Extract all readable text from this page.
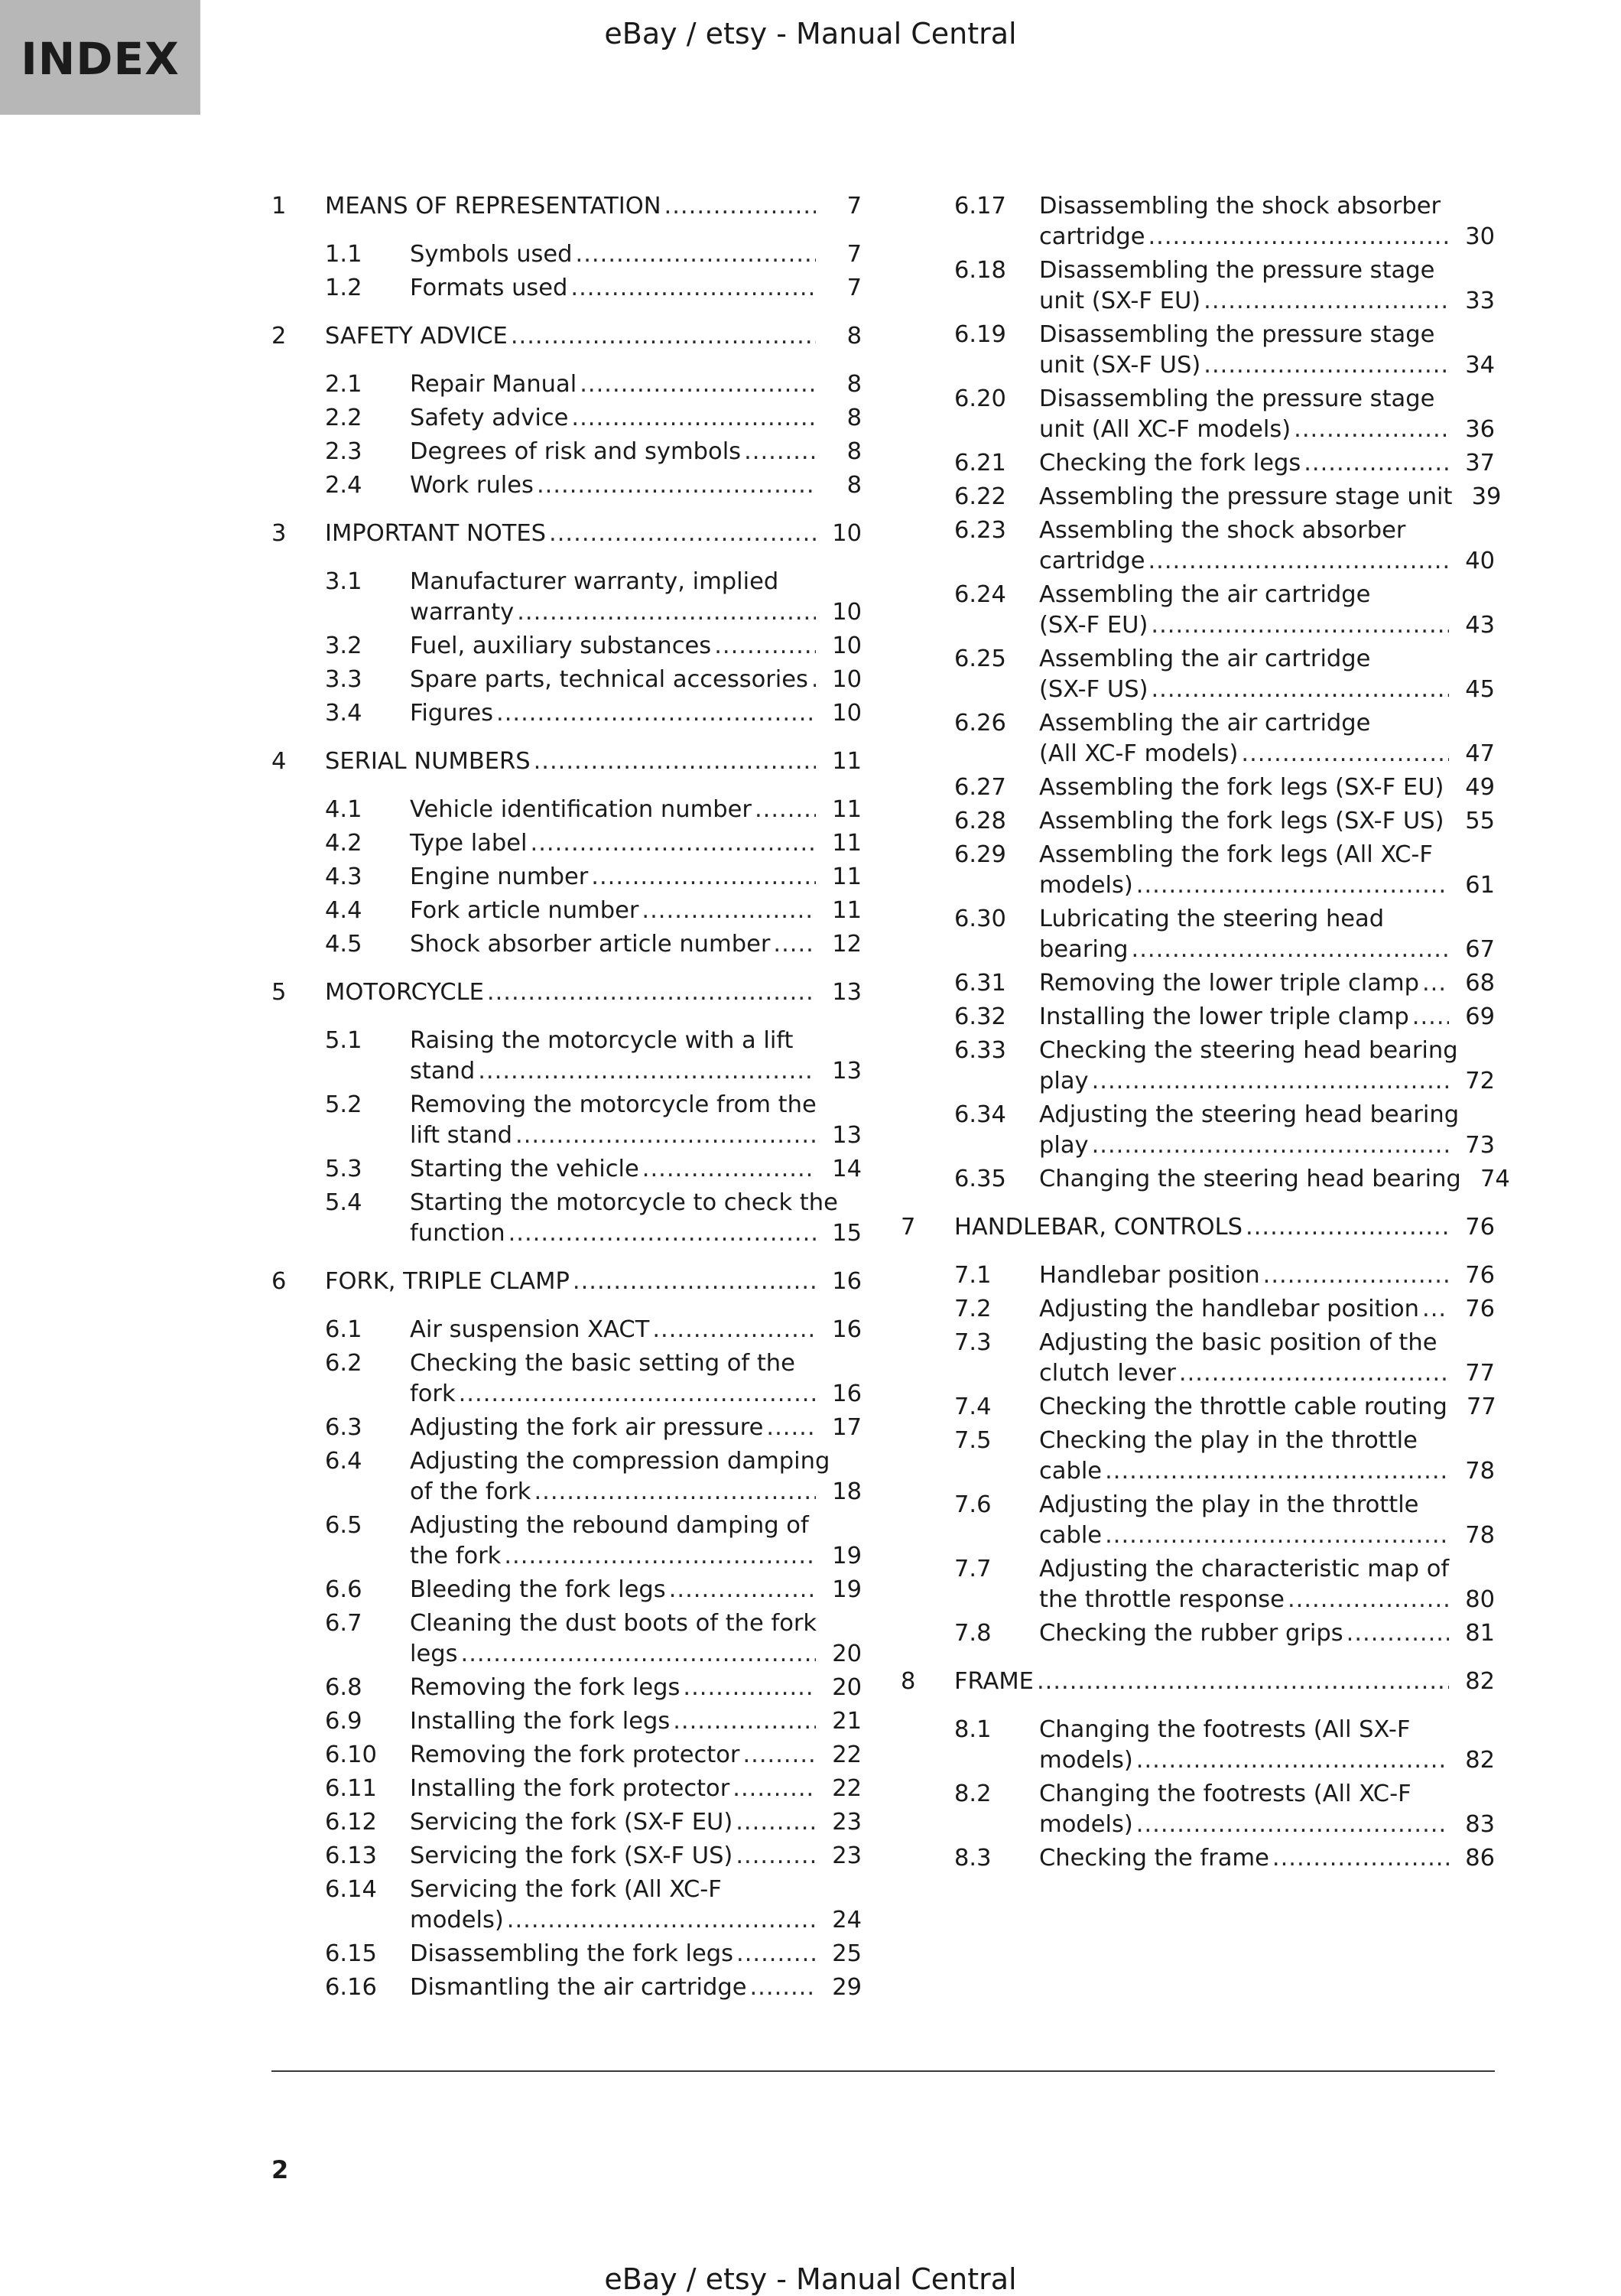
INDEX	eBay / etsy - Manual Central
1 MEANS OF REPRESENTATION .....	7
1.1 Symbols used .....	7
1.2 Formats used .....	7
2 SAFETY ADVICE .....	8
2.1 Repair Manual .....	8
2.2 Safety advice .....	8
2.3 Degrees of risk and symbols .....	8
2.4 Work rules .....	8
3 IMPORTANT NOTES .....	10
3.1 Manufacturer warranty, implied
warranty .....	10
3.2 Fuel, auxiliary substances .....	10
3.3 Spare parts, technical accessories .....	10
3.4 Figures .....	10
4 SERIAL NUMBERS .....	11
4.1 Vehicle identification number .....	11
4.2 Type label .....	11
4.3 Engine number .....	11
4.4 Fork article number .....	11
4.5 Shock absorber article number .....	12
5 MOTORCYCLE .....	13
5.1 Raising the motorcycle with a lift
stand .....	13
5.2 Removing the motorcycle from the
lift stand .....	13
5.3 Starting the vehicle .....	14
5.4 Starting the motorcycle to check the
function .....	15
6 FORK, TRIPLE CLAMP .....	16
6.1 Air suspension XACT .....	16
6.2 Checking the basic setting of the
fork .....	16
6.3 Adjusting the fork air pressure .....	17
6.4 Adjusting the compression damping
of the fork .....	18
6.5 Adjusting the rebound damping of
the fork .....	19
6.6 Bleeding the fork legs .....	19
6.7 Cleaning the dust boots of the fork
legs .....	20
6.8 Removing the fork legs .....	20
6.9 Installing the fork legs .....	21
6.10 Removing the fork protector .....	22
6.11 Installing the fork protector .....	22
6.12 Servicing the fork (SX-F EU) .....	23
6.13 Servicing the fork (SX-F US) .....	23
6.14 Servicing the fork (All XC-F
models) .....	24
6.15 Disassembling the fork legs .....	25
6.16 Dismantling the air cartridge .....	29
6.17 Disassembling the shock absorber
cartridge .....	30
6.18 Disassembling the pressure stage
unit (SX-F EU) .....	33
6.19 Disassembling the pressure stage
unit (SX-F US) .....	34
6.20 Disassembling the pressure stage
unit (All XC-F models) .....	36
6.21 Checking the fork legs .....	37
6.22 Assembling the pressure stage unit 39
6.23 Assembling the shock absorber
cartridge .....	40
6.24 Assembling the air cartridge
(SX-F EU) .....	43
6.25 Assembling the air cartridge
(SX-F US) .....	45
6.26 Assembling the air cartridge
(All XC-F models) .....	47
6.27 Assembling the fork legs (SX-F EU) ..... 49
6.28 Assembling the fork legs (SX-F US) ..... 55
6.29 Assembling the fork legs (All XC-F
models) .....	61
6.30 Lubricating the steering head
bearing .....	67
6.31 Removing the lower triple clamp .....	68
6.32 Installing the lower triple clamp .....	69
6.33 Checking the steering head bearing
play .....	72
6.34 Adjusting the steering head bearing
play .....	73
6.35 Changing the steering head bearing 74
7 HANDLEBAR, CONTROLS .....	76
7.1 Handlebar position .....	76
7.2 Adjusting the handlebar position .....	76
7.3 Adjusting the basic position of the
clutch lever .....	77
7.4 Checking the throttle cable routing 77
7.5 Checking the play in the throttle
cable .....	78
7.6 Adjusting the play in the throttle
cable .....	78
7.7 Adjusting the characteristic map of
the throttle response .....	80
7.8 Checking the rubber grips .....	81
8 FRAME .....	82
8.1 Changing the footrests (All SX-F
models) .....	82
8.2 Changing the footrests (All XC-F
models) .....	83
8.3 Checking the frame .....	86
2
eBay / etsy - Manual Central
